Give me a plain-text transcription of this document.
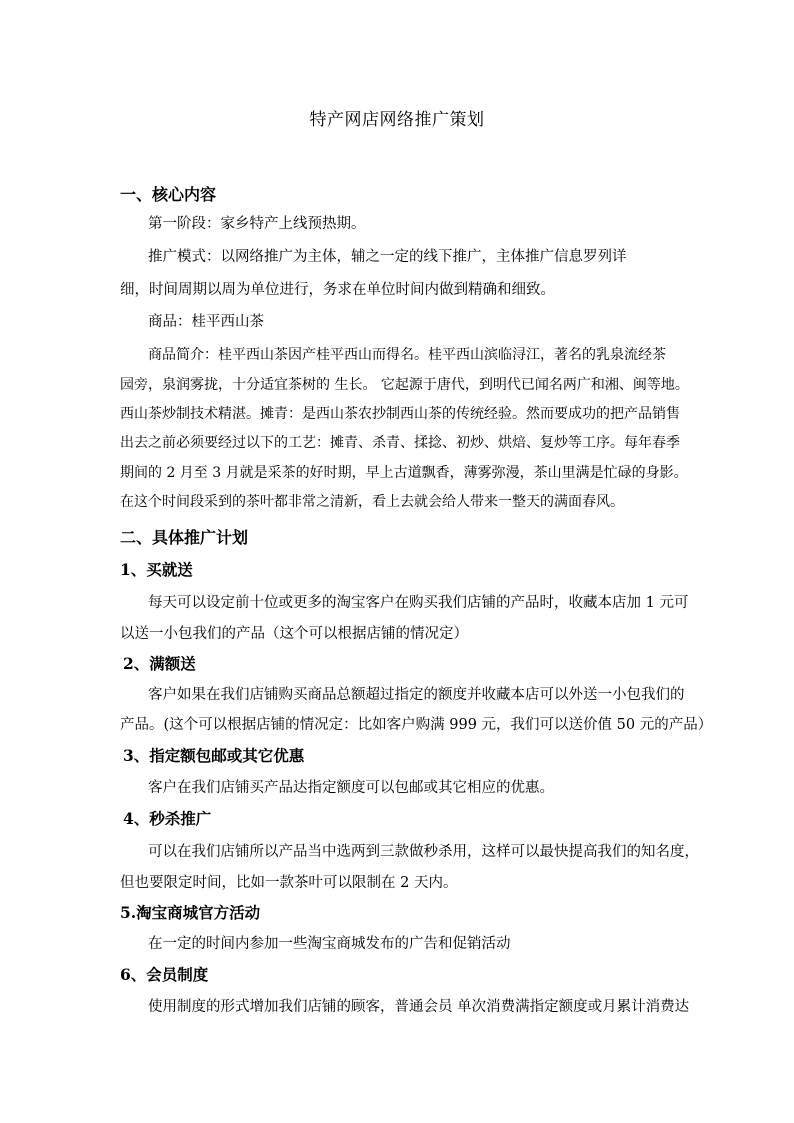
特产网店网络推广策划
一、核心内容
第一阶段：家乡特产上线预热期。
推广模式：以网络推广为主体，辅之一定的线下推广，主体推广信息罗列详
细，时间周期以周为单位进行，务求在单位时间内做到精确和细致。
商品：桂平西山茶
商品简介：桂平西山茶因产桂平西山而得名。桂平西山滨临浔江，著名的乳泉流经茶
园旁，泉润雾拢，十分适宜茶树的 生长。 它起源于唐代，到明代已闻名两广和湘、闽等地。
西山茶炒制技术精湛。摊青：是西山茶农抄制西山茶的传统经验。然而要成功的把产品销售
出去之前必须要经过以下的工艺：摊青、杀青、揉捻、初炒、烘焙、复炒等工序。每年春季
期间的 2 月至 3 月就是采茶的好时期，早上古道飘香，薄雾弥漫，茶山里满是忙碌的身影。
在这个时间段采到的茶叶都非常之清新，看上去就会给人带来一整天的满面春风。
二、具体推广计划
1、买就送
每天可以设定前十位或更多的淘宝客户在购买我们店铺的产品时，收藏本店加 1 元可
以送一小包我们的产品（这个可以根据店铺的情况定）
2、满额送
客户如果在我们店铺购买商品总额超过指定的额度并收藏本店可以外送一小包我们的
产品。(这个可以根据店铺的情况定：比如客户购满 999 元，我们可以送价值 50 元的产品）
3、指定额包邮或其它优惠
客户在我们店铺买产品达指定额度可以包邮或其它相应的优惠。
4、秒杀推广
可以在我们店铺所以产品当中选两到三款做秒杀用，这样可以最快提高我们的知名度，
但也要限定时间，比如一款茶叶可以限制在 2 天内。
5.淘宝商城官方活动
在一定的时间内参加一些淘宝商城发布的广告和促销活动
6、会员制度
使用制度的形式增加我们店铺的顾客，普通会员 单次消费满指定额度或月累计消费达
